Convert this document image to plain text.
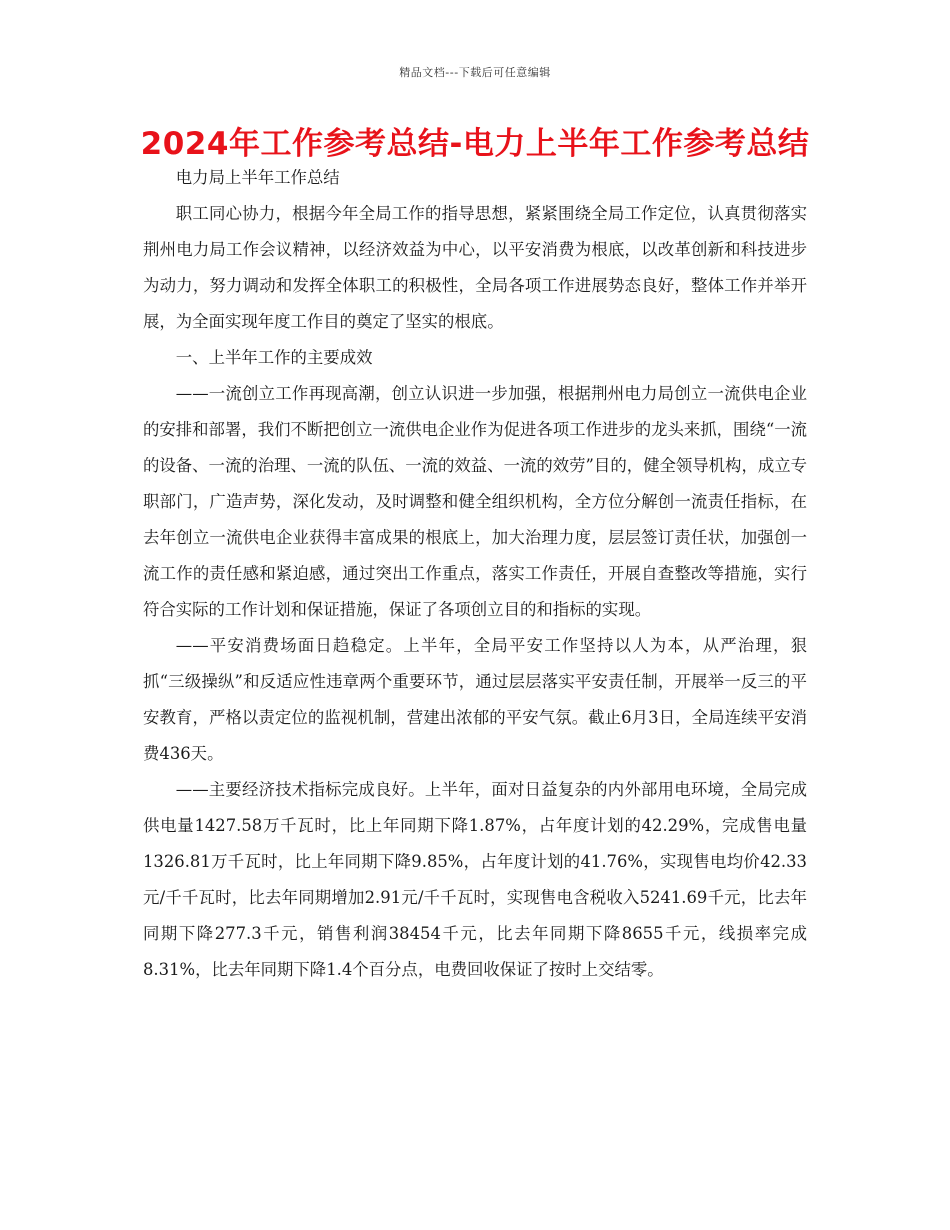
精品文档---下载后可任意编辑
2024年工作参考总结-电力上半年工作参考总结

电力局上半年工作总结

职工同心协力，根据今年全局工作的指导思想，紧紧围绕全局工作定位，认真贯彻落实荆州电力局工作会议精神，以经济效益为中心，以平安消费为根底，以改革创新和科技进步为动力，努力调动和发挥全体职工的积极性，全局各项工作进展势态良好，整体工作并举开展，为全面实现年度工作目的奠定了坚实的根底。

一、上半年工作的主要成效

——一流创立工作再现高潮，创立认识进一步加强，根据荆州电力局创立一流供电企业的安排和部署，我们不断把创立一流供电企业作为促进各项工作进步的龙头来抓，围绕“一流的设备、一流的治理、一流的队伍、一流的效益、一流的效劳”目的，健全领导机构，成立专职部门，广造声势，深化发动，及时调整和健全组织机构，全方位分解创一流责任指标，在去年创立一流供电企业获得丰富成果的根底上，加大治理力度，层层签订责任状，加强创一流工作的责任感和紧迫感，通过突出工作重点，落实工作责任，开展自查整改等措施，实行符合实际的工作计划和保证措施，保证了各项创立目的和指标的实现。

——平安消费场面日趋稳定。上半年，全局平安工作坚持以人为本，从严治理，狠抓“三级操纵”和反适应性违章两个重要环节，通过层层落实平安责任制，开展举一反三的平安教育，严格以责定位的监视机制，营建出浓郁的平安气氛。截止6月3日，全局连续平安消费436天。

——主要经济技术指标完成良好。上半年，面对日益复杂的内外部用电环境，全局完成供电量1427.58万千瓦时，比上年同期下降1.87%，占年度计划的42.29%，完成售电量1326.81万千瓦时，比上年同期下降9.85%，占年度计划的41.76%，实现售电均价42.33元/千千瓦时，比去年同期增加2.91元/千千瓦时，实现售电含税收入5241.69千元，比去年同期下降277.3千元，销售利润38454千元，比去年同期下降8655千元，线损率完成8.31%，比去年同期下降1.4个百分点，电费回收保证了按时上交结零。
